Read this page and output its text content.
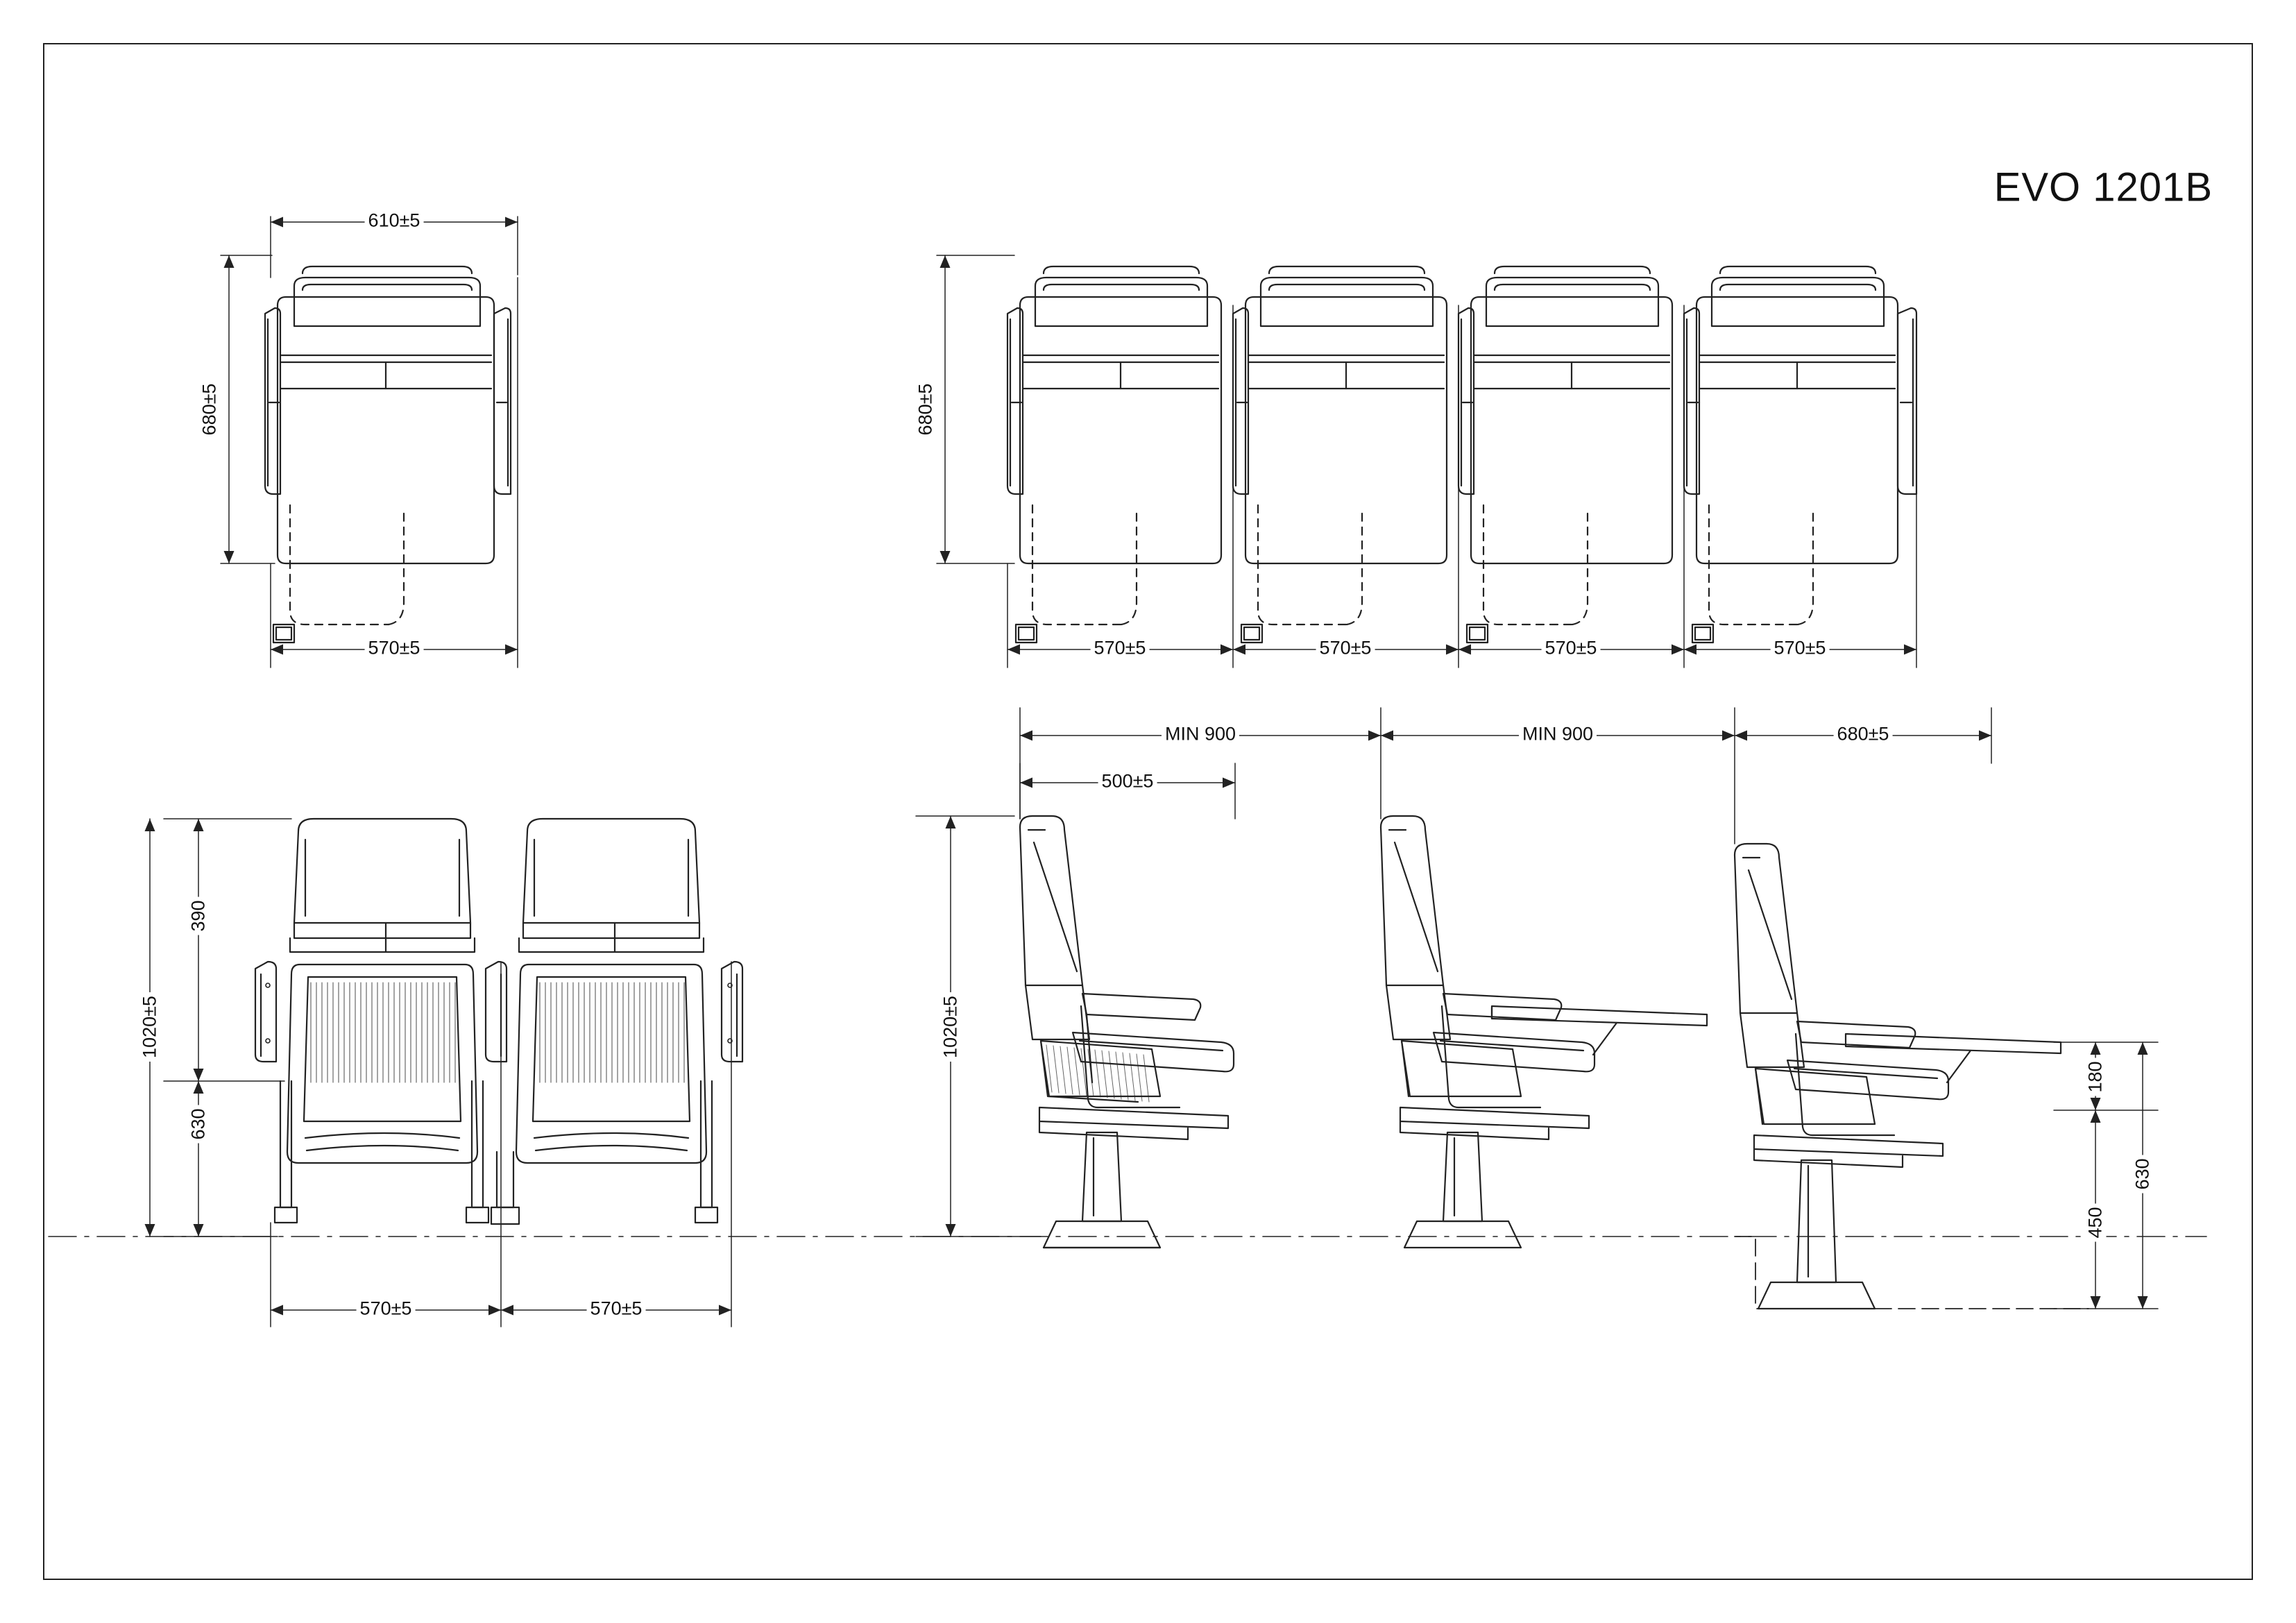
EVO 1201B
610±5
680±5
570±5
680±5
570±5	570±5	570±5	570±5
390
630
1020±5
570±5	570±5
MIN 900	MIN 900	680±5
500±5
1020±5
180
450
630
